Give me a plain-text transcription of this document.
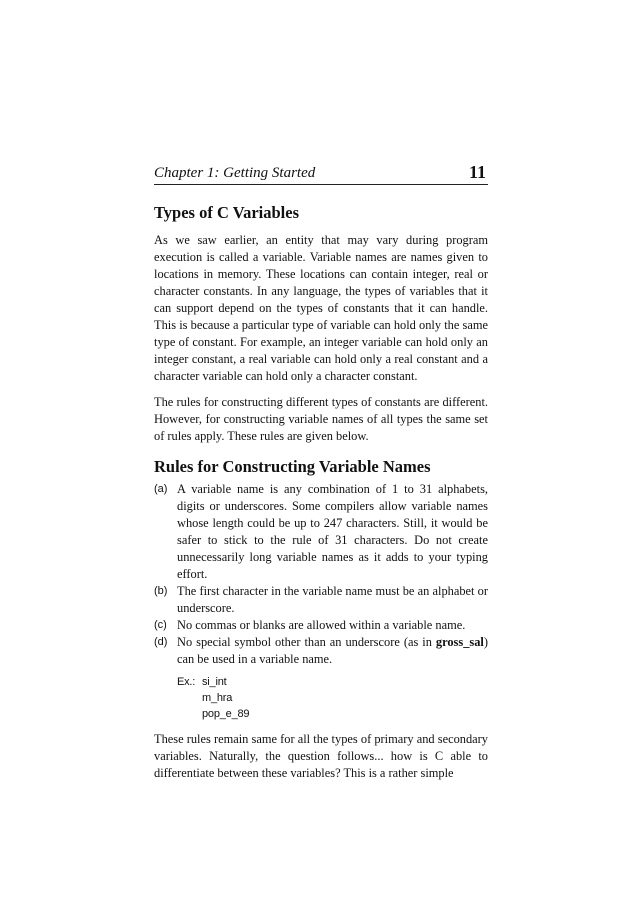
Chapter 1: Getting Started	11
Types of C Variables

As we saw earlier, an entity that may vary during program execution is called a variable. Variable names are names given to locations in memory. These locations can contain integer, real or character constants. In any language, the types of variables that it can support depend on the types of constants that it can handle. This is because a particular type of variable can hold only the same type of constant. For example, an integer variable can hold only an integer constant, a real variable can hold only a real constant and a character variable can hold only a character constant.

The rules for constructing different types of constants are different. However, for constructing variable names of all types the same set of rules apply. These rules are given below.

Rules for Constructing Variable Names
(a) A variable name is any combination of 1 to 31 alphabets, digits or underscores. Some compilers allow variable names whose length could be up to 247 characters. Still, it would be safer to stick to the rule of 31 characters. Do not create unnecessarily long variable names as it adds to your typing effort.
(b) The first character in the variable name must be an alphabet or underscore.
(c) No commas or blanks are allowed within a variable name.
(d) No special symbol other than an underscore (as in gross_sal) can be used in a variable name.
Ex.: si_int
m_hra
pop_e_89

These rules remain same for all the types of primary and secondary variables. Naturally, the question follows... how is C able to differentiate between these variables? This is a rather simple
